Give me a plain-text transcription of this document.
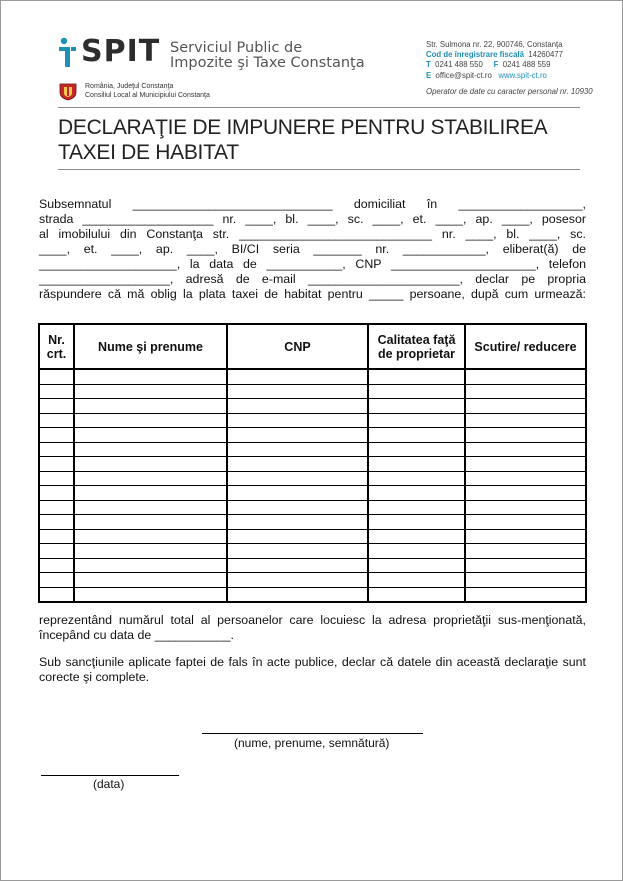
SPIT Serviciul Public de
Impozite şi Taxe Constanţa
România, Judeţul Constanţa
Consiliul Local al Municipiului Constanţa
Str. Sulmona nr. 22, 900746, Constanţa
Cod de înregistrare fiscală 14260477
T 0241 488 550 F 0241 488 559
E office@spit-ct.ro www.spit-ct.ro
Operator de date cu caracter personal nr. 10930
DECLARAŢIE DE IMPUNERE PENTRU STABILIREA
TAXEI DE HABITAT
Subsemnatul _____________________________ domiciliat în __________________,
strada ___________________ nr. ____, bl. ____, sc. ____, et. ____, ap. ____, posesor
al imobilului din Constanţa str. ____________________________ nr. ____, bl. ____, sc.
____, et. ____, ap. ____, BI/CI seria _______ nr. ____________, eliberat(ă) de
____________________, la data de ___________, CNP _____________________, telefon
___________________, adresă de e-mail ______________________, declar pe propria
răspundere că mă oblig la plata taxei de habitat pentru _____ persoane, după cum urmează:
Nr. crt.	Nume şi prenume	CNP	Calitatea faţă de proprietar	Scutire/ reducere

reprezentând numărul total al persoanelor care locuiesc la adresa proprietăţii sus-menţionată, începând cu data de ___________.
Sub sancţiunile aplicate faptei de fals în acte publice, declar că datele din această declaraţie sunt corecte şi complete.
(nume, prenume, semnătură)
(data)
